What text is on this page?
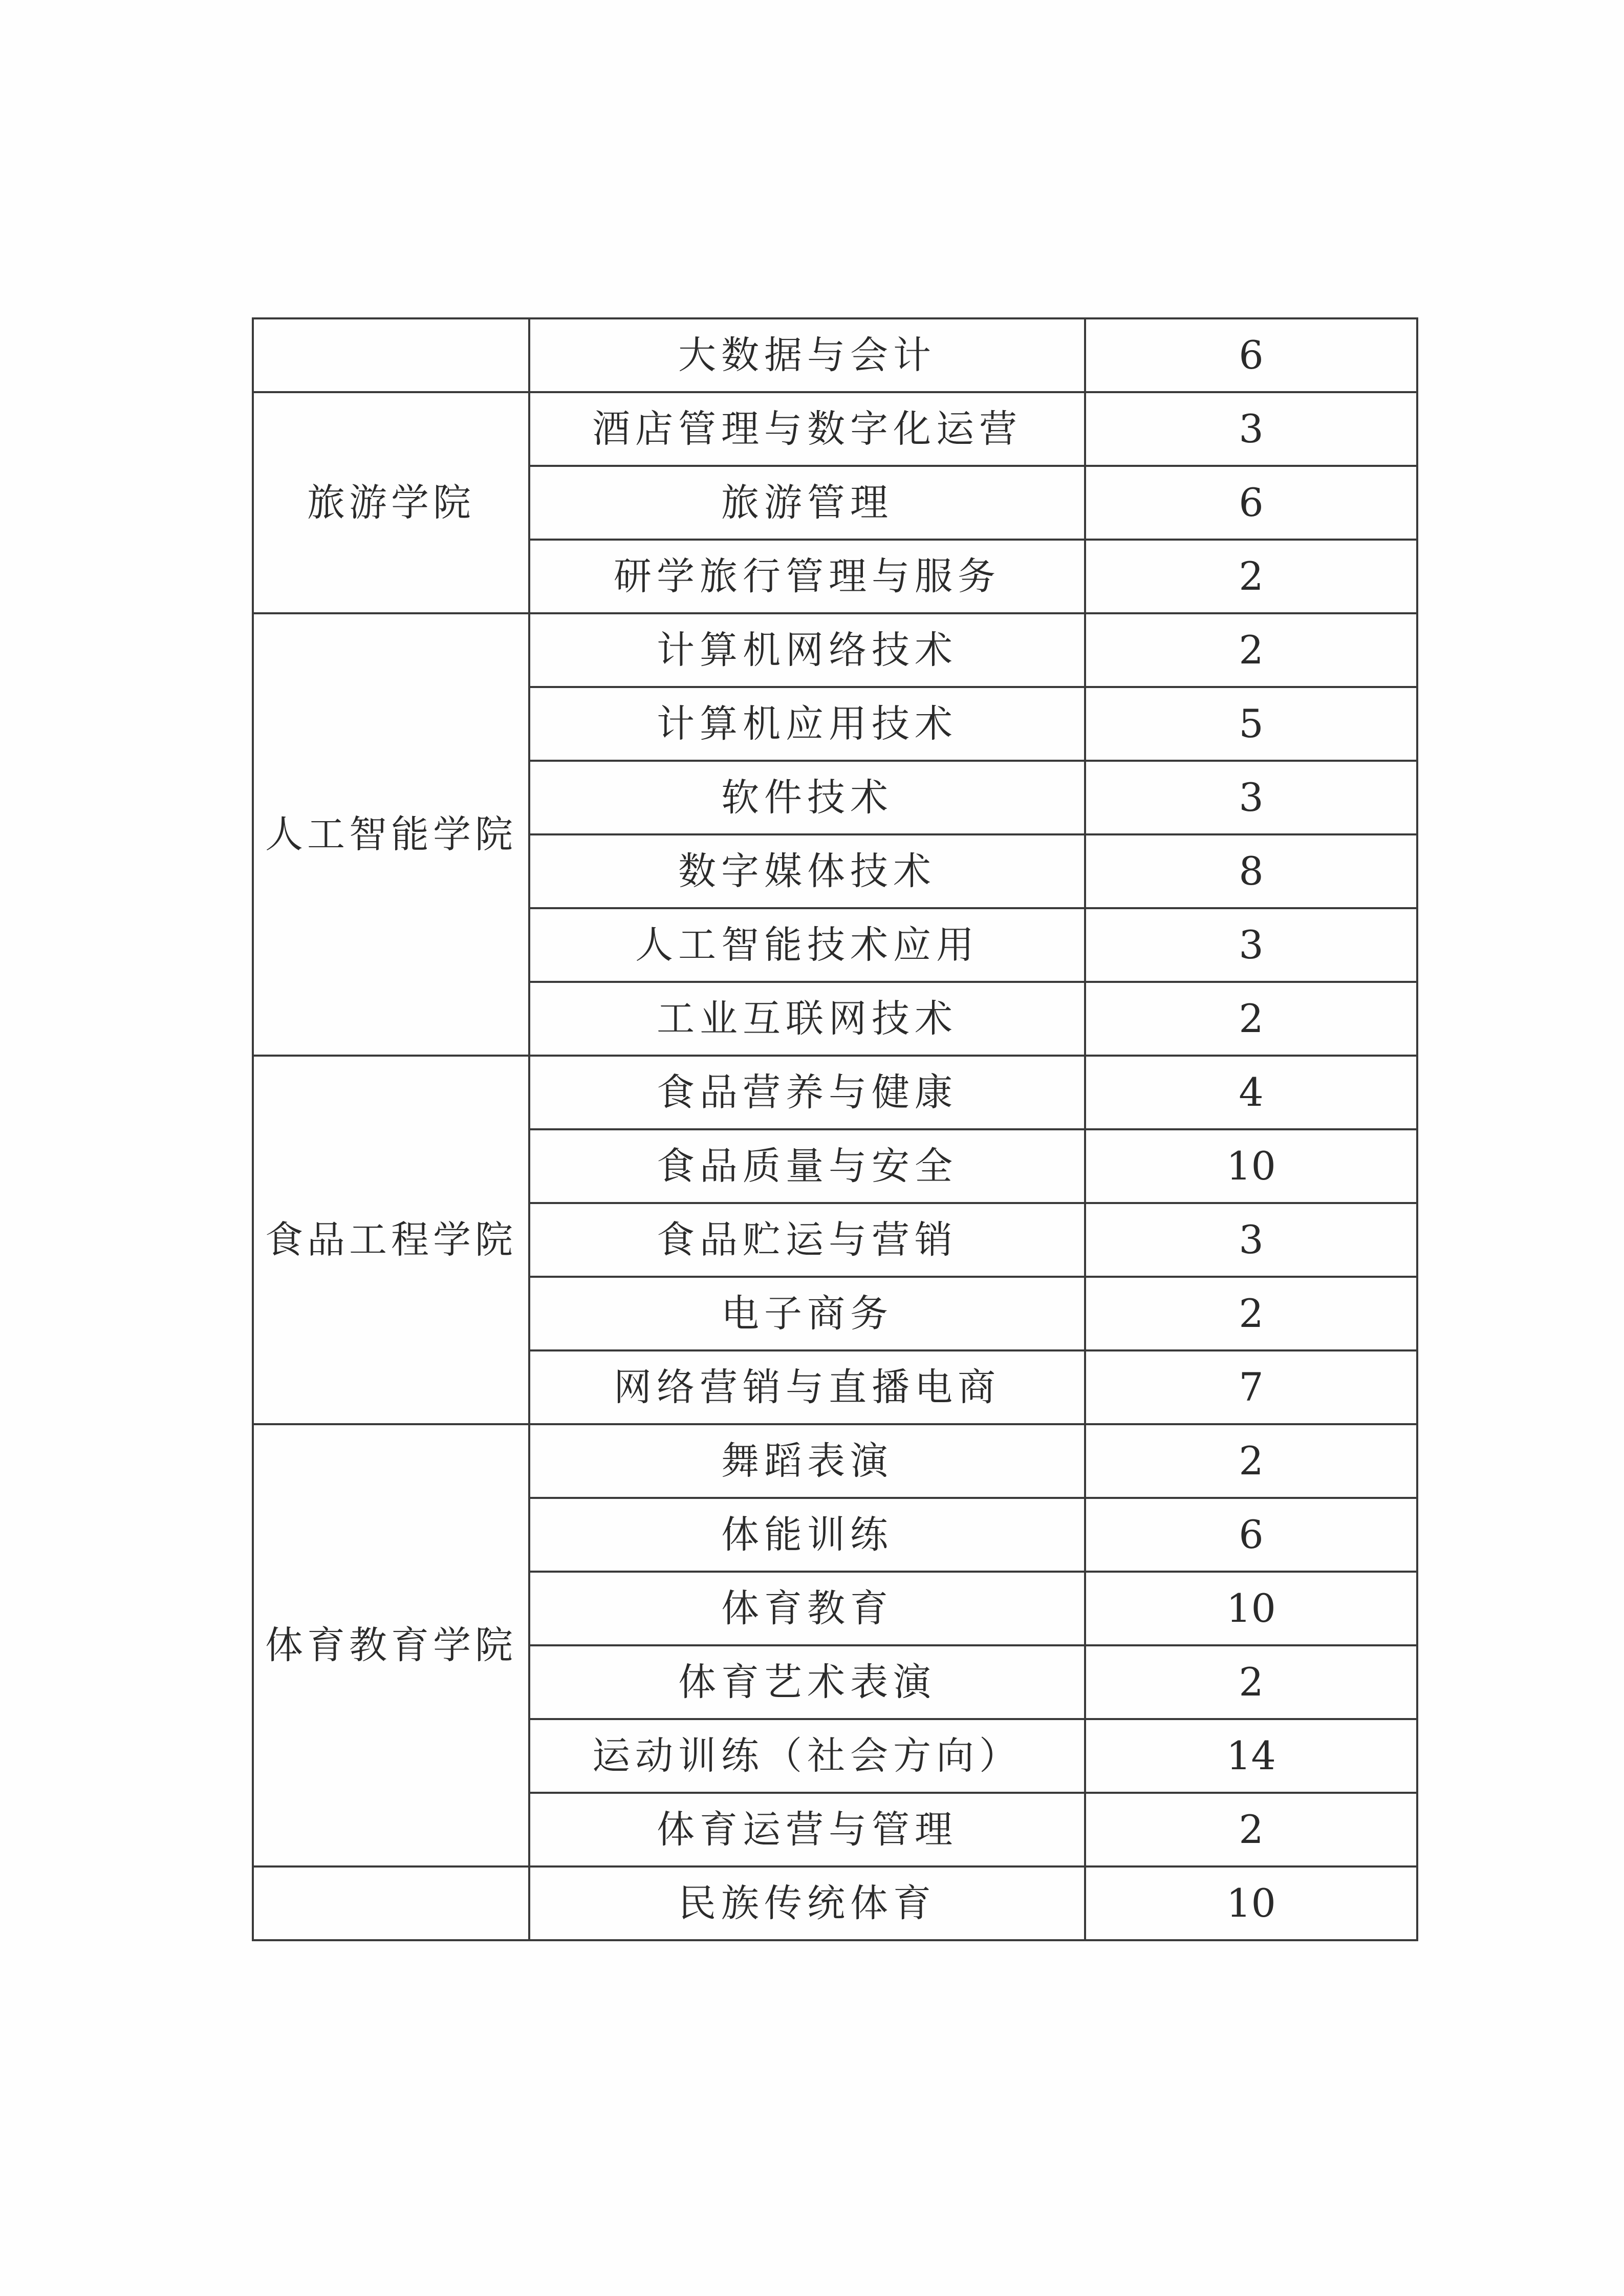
	大数据与会计	6
旅游学院	酒店管理与数字化运营	3
	旅游管理	6
	研学旅行管理与服务	2
人工智能学院	计算机网络技术	2
	计算机应用技术	5
	软件技术	3
	数字媒体技术	8
	人工智能技术应用	3
	工业互联网技术	2
食品工程学院	食品营养与健康	4
	食品质量与安全	10
	食品贮运与营销	3
	电子商务	2
	网络营销与直播电商	7
体育教育学院	舞蹈表演	2
	体能训练	6
	体育教育	10
	体育艺术表演	2
	运动训练（社会方向）	14
	体育运营与管理	2
	民族传统体育	10
